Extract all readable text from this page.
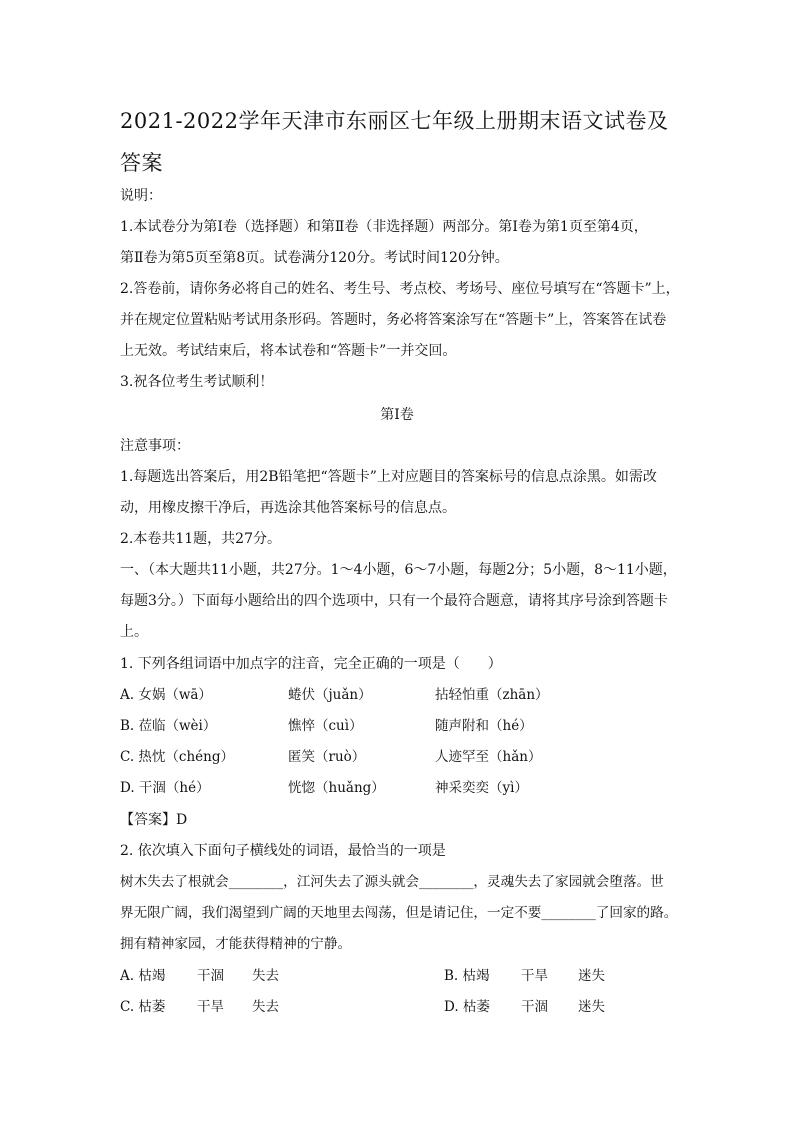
2021-2022学年天津市东丽区七年级上册期末语文试卷及答案
说明：
1.本试卷分为第Ⅰ卷（选择题）和第Ⅱ卷（非选择题）两部分。第Ⅰ卷为第1页至第4页，
第Ⅱ卷为第5页至第8页。试卷满分120分。考试时间120分钟。
2.答卷前，请你务必将自己的姓名、考生号、考点校、考场号、座位号填写在“答题卡”上，
并在规定位置粘贴考试用条形码。答题时，务必将答案涂写在“答题卡”上，答案答在试卷
上无效。考试结束后，将本试卷和“答题卡”一并交回。
3.祝各位考生考试顺利！
第Ⅰ卷
注意事项：
1.每题选出答案后，用2B铅笔把“答题卡”上对应题目的答案标号的信息点涂黑。如需改
动，用橡皮擦干净后，再选涂其他答案标号的信息点。
2.本卷共11题，共27分。
一、（本大题共11小题，共27分。1～4小题，6～7小题，每题2分；5小题，8～11小题，
每题3分。）下面每小题给出的四个选项中，只有一个最符合题意，请将其序号涂到答题卡
上。
1. 下列各组词语中加点字的注音，完全正确的一项是（　　）
A. 女娲（wā）	蜷伏（juǎn）	拈轻怕重（zhān）
B. 莅临（wèi）	憔悴（cuì）	随声附和（hé）
C. 热忱（chéng）	匿笑（ruò）	人迹罕至（hǎn）
D. 干涸（hé）	恍惚（huǎng）	神采奕奕（yì）
【答案】D
2. 依次填入下面句子横线处的词语，最恰当的一项是
树木失去了根就会________，江河失去了源头就会________，灵魂失去了家园就会堕落。世
界无限广阔，我们渴望到广阔的天地里去闯荡，但是请记住，一定不要________了回家的路。
拥有精神家园，才能获得精神的宁静。
A. 枯竭 干涸 失去	B. 枯竭 干旱 迷失
C. 枯萎 干旱 失去	D. 枯萎 干涸 迷失
